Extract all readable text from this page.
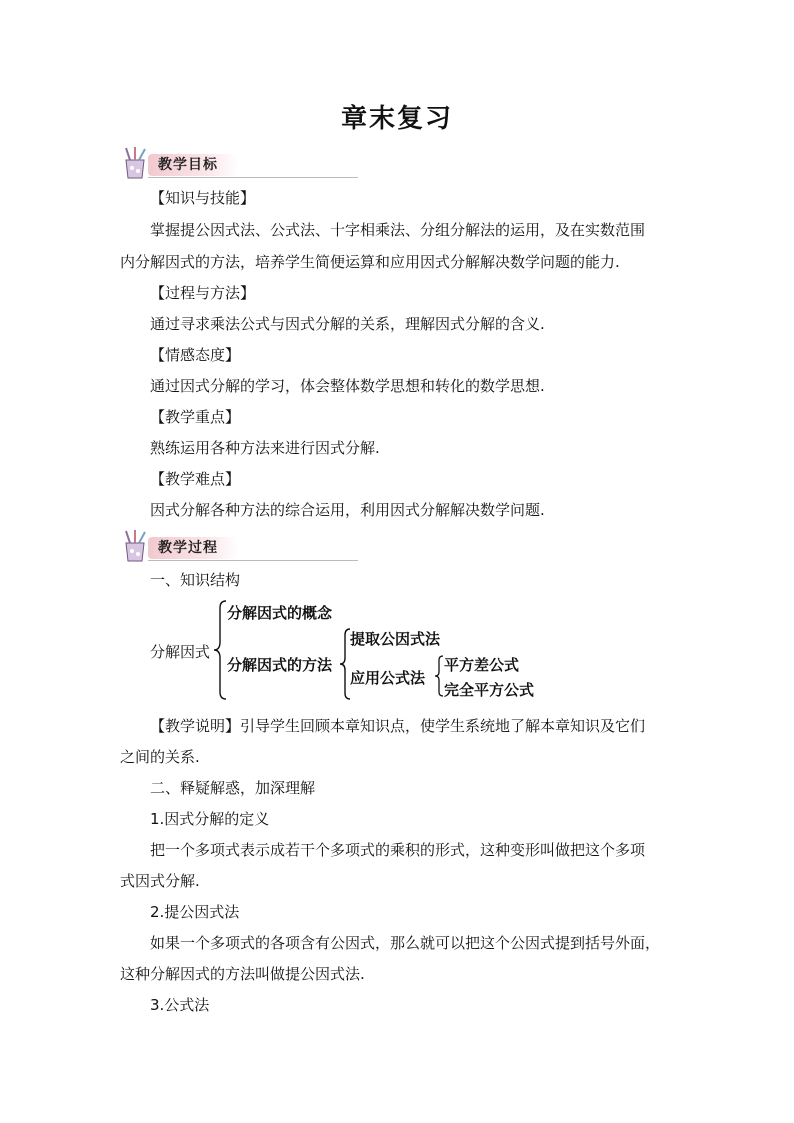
章末复习
教学目标
【知识与技能】
掌握提公因式法、公式法、十字相乘法、分组分解法的运用，及在实数范围
内分解因式的方法，培养学生简便运算和应用因式分解解决数学问题的能力.
【过程与方法】
通过寻求乘法公式与因式分解的关系，理解因式分解的含义.
【情感态度】
通过因式分解的学习，体会整体数学思想和转化的数学思想.
【教学重点】
熟练运用各种方法来进行因式分解.
【教学难点】
因式分解各种方法的综合运用，利用因式分解解决数学问题.
教学过程
一、知识结构
分解因式
分解因式的概念
分解因式的方法
提取公因式法
应用公式法
平方差公式
完全平方公式
【教学说明】引导学生回顾本章知识点，使学生系统地了解本章知识及它们
之间的关系.
二、释疑解惑，加深理解
1.因式分解的定义
把一个多项式表示成若干个多项式的乘积的形式，这种变形叫做把这个多项
式因式分解.
2.提公因式法
如果一个多项式的各项含有公因式，那么就可以把这个公因式提到括号外面，
这种分解因式的方法叫做提公因式法.
3.公式法
